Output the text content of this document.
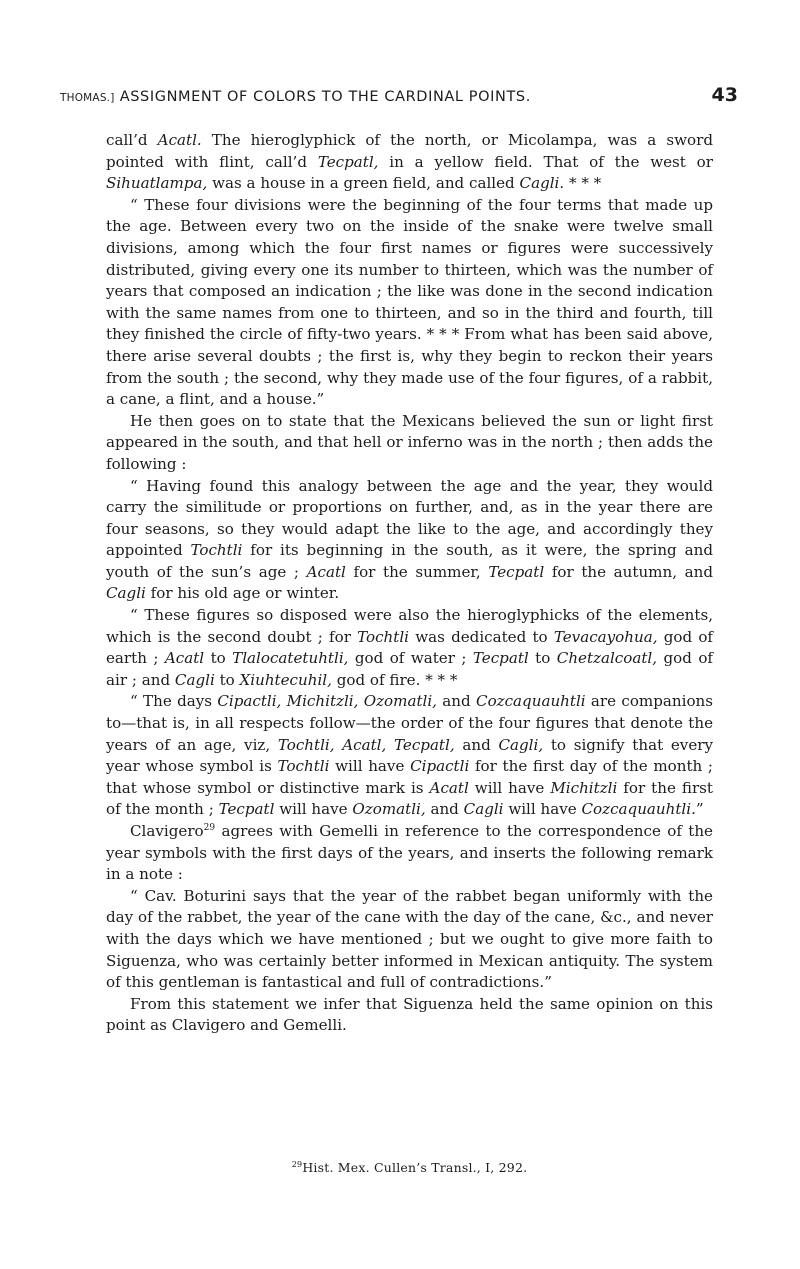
THOMAS.] ASSIGNMENT OF COLORS TO THE CARDINAL POINTS.	43

call’d Acatl. The hieroglyphick of the north, or Micolampa, was a sword pointed with flint, call’d Tecpatl, in a yellow field. That of the west or Sihuatlampa, was a house in a green field, and called Cagli. * * *

“ These four divisions were the beginning of the four terms that made up the age. Between every two on the inside of the snake were twelve small divisions, among which the four first names or figures were successively distributed, giving every one its number to thirteen, which was the number of years that composed an indication ; the like was done in the second indication with the same names from one to thirteen, and so in the third and fourth, till they finished the circle of fifty-two years. * * * From what has been said above, there arise several doubts ; the first is, why they begin to reckon their years from the south ; the second, why they made use of the four figures, of a rabbit, a cane, a flint, and a house.”

He then goes on to state that the Mexicans believed the sun or light first appeared in the south, and that hell or inferno was in the north ; then adds the following :

“ Having found this analogy between the age and the year, they would carry the similitude or proportions on further, and, as in the year there are four seasons, so they would adapt the like to the age, and accordingly they appointed Tochtli for its beginning in the south, as it were, the spring and youth of the sun’s age ; Acatl for the summer, Tecpatl for the autumn, and Cagli for his old age or winter.

“ These figures so disposed were also the hieroglyphicks of the elements, which is the second doubt ; for Tochtli was dedicated to Tevacayohua, god of earth ; Acatl to Tlalocatetuhtli, god of water ; Tecpatl to Chetzalcoatl, god of air ; and Cagli to Xiuhtecuhil, god of fire. * * *

“ The days Cipactli, Michitzli, Ozomatli, and Cozcaquauhtli are companions to—that is, in all respects follow—the order of the four figures that denote the years of an age, viz, Tochtli, Acatl, Tecpatl, and Cagli, to signify that every year whose symbol is Tochtli will have Cipactli for the first day of the month ; that whose symbol or distinctive mark is Acatl will have Michitzli for the first of the month ; Tecpatl will have Ozomatli, and Cagli will have Cozcaquauhtli.”

Clavigero$^{29}$ agrees with Gemelli in reference to the correspondence of the year symbols with the first days of the years, and inserts the following remark in a note :

“ Cav. Boturini says that the year of the rabbet began uniformly with the day of the rabbet, the year of the cane with the day of the cane, &c., and never with the days which we have mentioned ; but we ought to give more faith to Siguenza, who was certainly better informed in Mexican antiquity. The system of this gentleman is fantastical and full of contradictions.”

From this statement we infer that Siguenza held the same opinion on this point as Clavigero and Gemelli.

$^{29}$Hist. Mex. Cullen’s Transl., I, 292.
